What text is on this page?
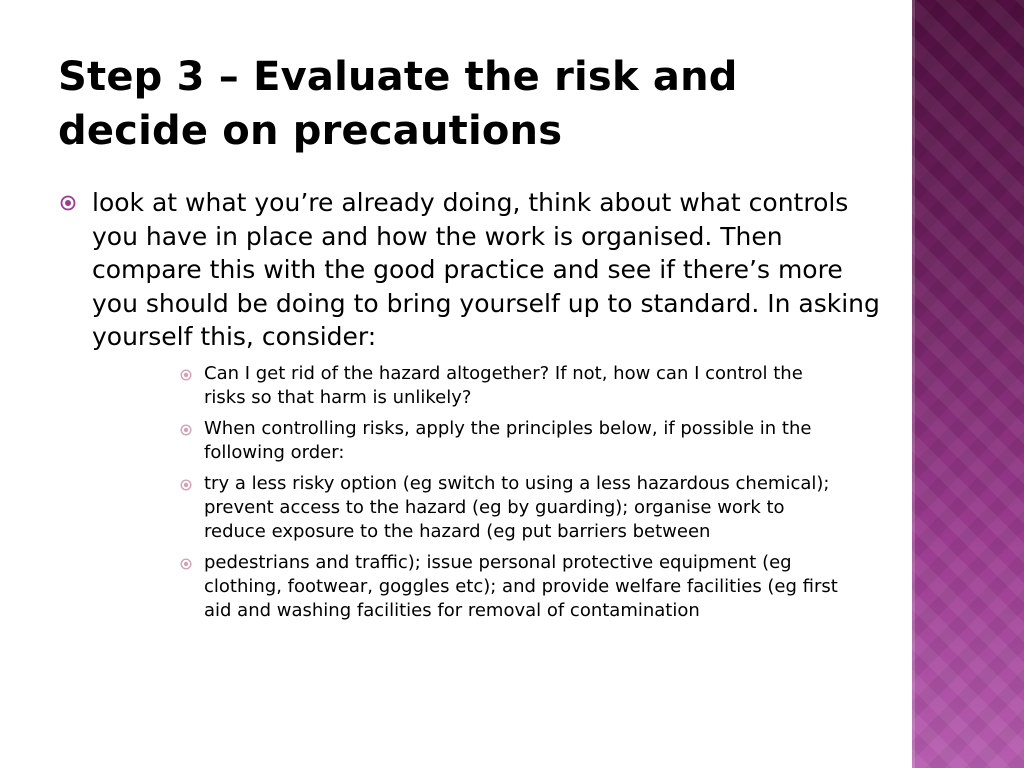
Step 3 – Evaluate the risk and decide on precautions
look at what you’re already doing, think about what controls you have in place and how the work is organised. Then compare this with the good practice and see if there’s more you should be doing to bring yourself up to standard. In asking yourself this, consider:
Can I get rid of the hazard altogether? If not, how can I control the risks so that harm is unlikely?
When controlling risks, apply the principles below, if possible in the following order:
try a less risky option (eg switch to using a less hazardous chemical); prevent access to the hazard (eg by guarding); organise work to reduce exposure to the hazard (eg put barriers between
pedestrians and traffic); issue personal protective equipment (eg clothing, footwear, goggles etc); and provide welfare facilities (eg first aid and washing facilities for removal of contamination
